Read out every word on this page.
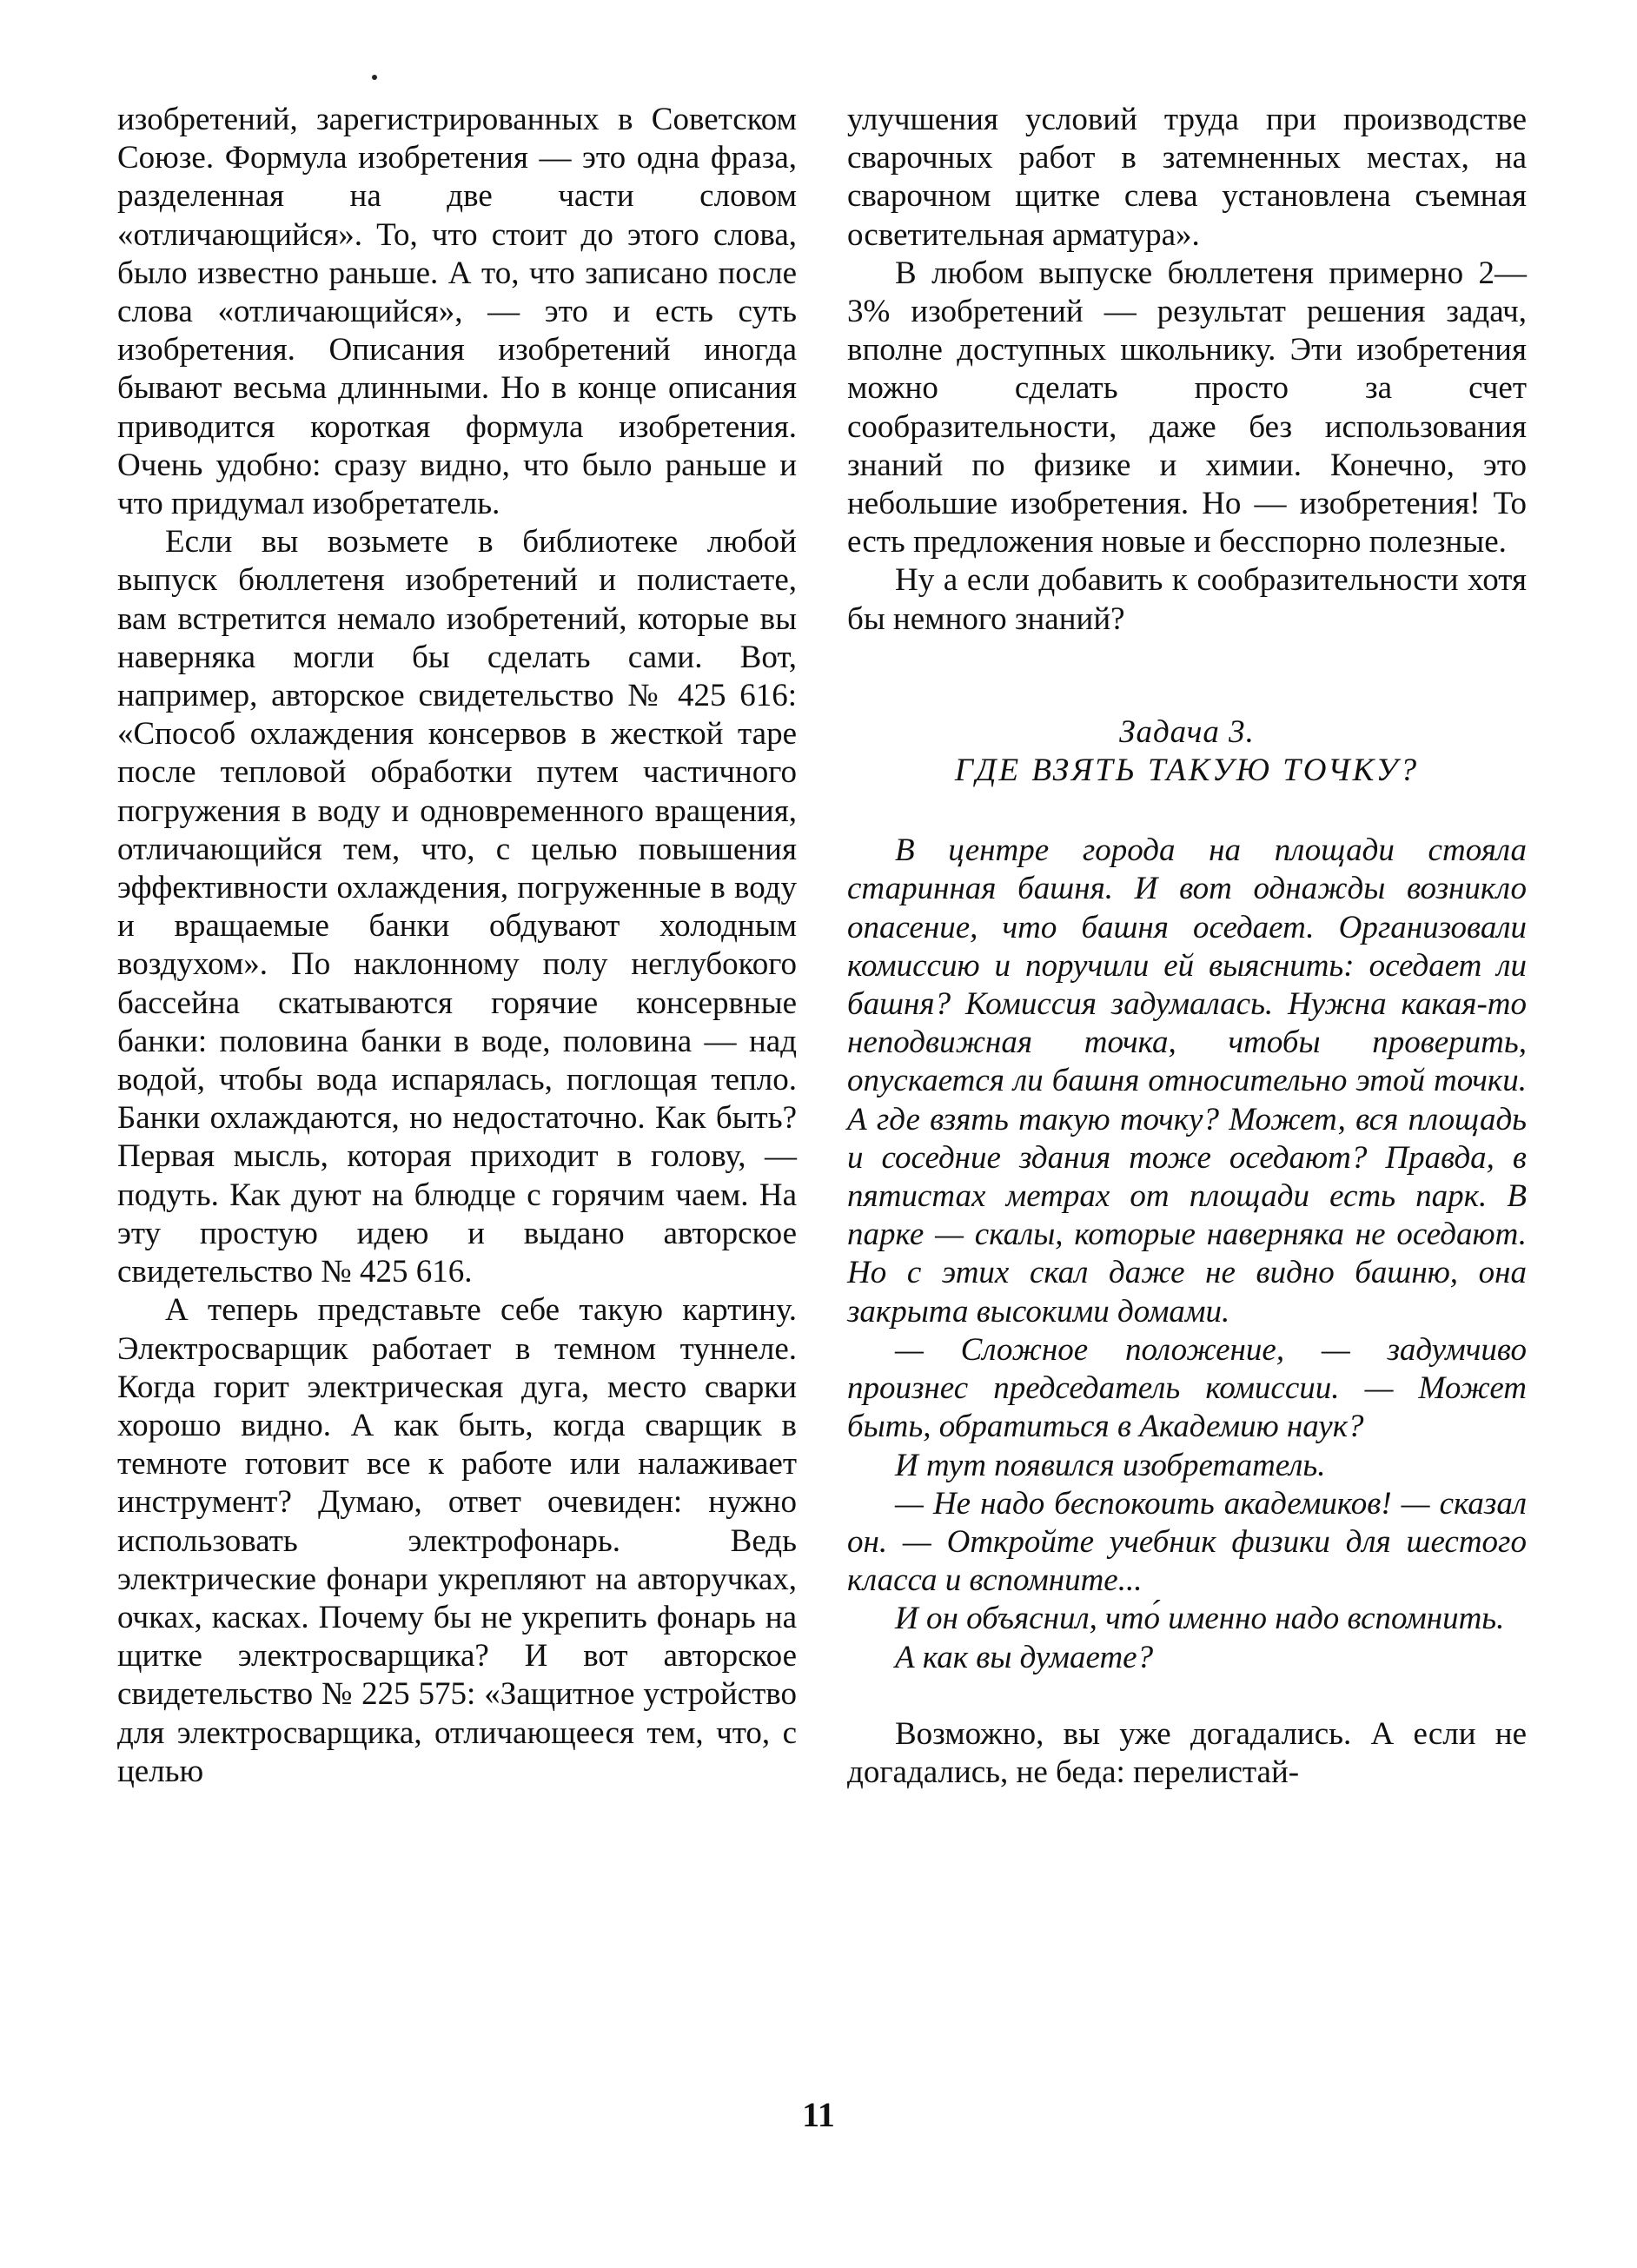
изобретений, зарегистрированных в Советском Союзе. Формула изобретения — это одна фраза, разделенная на две части словом «отличающийся». То, что стоит до этого слова, было известно раньше. А то, что записано после слова «отличающийся», — это и есть суть изобретения. Описания изобретений иногда бывают весьма длинными. Но в конце описания приводится короткая формула изобретения. Очень удобно: сразу видно, что было раньше и что придумал изобретатель.

Если вы возьмете в библиотеке любой выпуск бюллетеня изобретений и полистаете, вам встретится немало изобретений, которые вы наверняка могли бы сделать сами. Вот, например, авторское свидетельство № 425 616: «Способ охлаждения консервов в жесткой таре после тепловой обработки путем частичного погружения в воду и одновременного вращения, отличающийся тем, что, с целью повышения эффективности охлаждения, погруженные в воду и вращаемые банки обдувают холодным воздухом». По наклонному полу неглубокого бассейна скатываются горячие консервные банки: половина банки в воде, половина — над водой, чтобы вода испарялась, поглощая тепло. Банки охлаждаются, но недостаточно. Как быть? Первая мысль, которая приходит в голову, — подуть. Как дуют на блюдце с горячим чаем. На эту простую идею и выдано авторское свидетельство № 425 616.

А теперь представьте себе такую картину. Электросварщик работает в темном туннеле. Когда горит электрическая дуга, место сварки хорошо видно. А как быть, когда сварщик в темноте готовит все к работе или налаживает инструмент? Думаю, ответ очевиден: нужно использовать электрофонарь. Ведь электрические фонари укрепляют на авторучках, очках, касках. Почему бы не укрепить фонарь на щитке электросварщика? И вот авторское свидетельство № 225 575: «Защитное устройство для электросварщика, отличающееся тем, что, с целью

улучшения условий труда при производстве сварочных работ в затемненных местах, на сварочном щитке слева установлена съемная осветительная арматура».

В любом выпуске бюллетеня примерно 2—3% изобретений — результат решения задач, вполне доступных школьнику. Эти изобретения можно сделать просто за счет сообразительности, даже без использования знаний по физике и химии. Конечно, это небольшие изобретения. Но — изобретения! То есть предложения новые и бесспорно полезные.

Ну а если добавить к сообразительности хотя бы немного знаний?

Задача 3.

ГДЕ ВЗЯТЬ ТАКУЮ ТОЧКУ?

В центре города на площади стояла старинная башня. И вот однажды возникло опасение, что башня оседает. Организовали комиссию и поручили ей выяснить: оседает ли башня? Комиссия задумалась. Нужна какая-то неподвижная точка, чтобы проверить, опускается ли башня относительно этой точки. А где взять такую точку? Может, вся площадь и соседние здания тоже оседают? Правда, в пятистах метрах от площади есть парк. В парке — скалы, которые наверняка не оседают. Но с этих скал даже не видно башню, она закрыта высокими домами.

— Сложное положение, — задумчиво произнес председатель комиссии. — Может быть, обратиться в Академию наук?

И тут появился изобретатель.

— Не надо беспокоить академиков! — сказал он. — Откройте учебник физики для шестого класса и вспомните...

И он объяснил, что́ именно надо вспомнить.

А как вы думаете?

Возможно, вы уже догадались. А если не догадались, не беда: перелистай-

11
